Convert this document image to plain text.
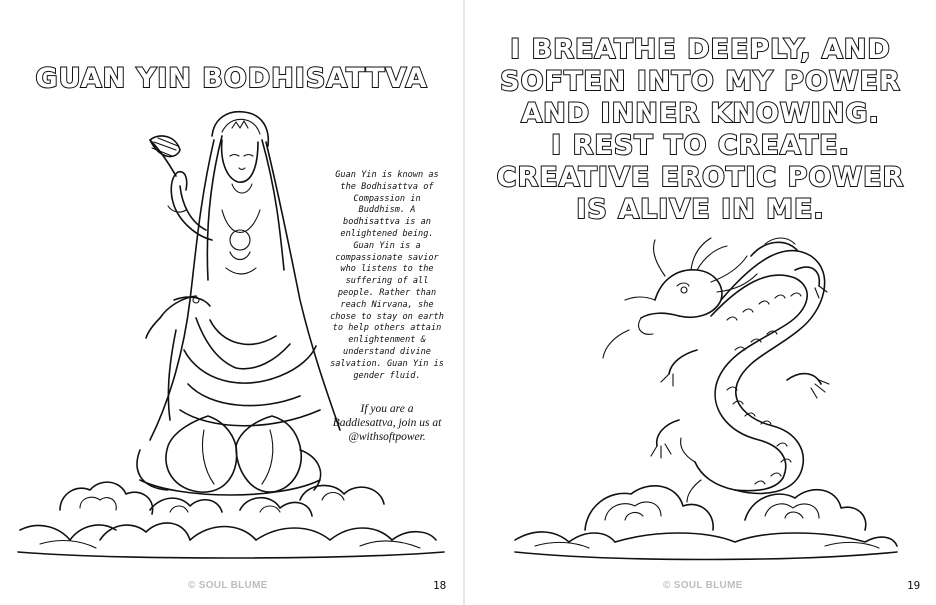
GUAN YIN BODHISATTVA

Guan Yin is known as the Bodhisattva of Compassion in Buddhism. A bodhisattva is an enlightened being. Guan Yin is a compassionate savior who listens to the suffering of all people. Rather than reach Nirvana, she chose to stay on earth to help others attain enlightenment & understand divine salvation. Guan Yin is gender fluid.

If you are a Baddiesattva, join us at @withsoftpower.

© SOUL BLUME	18
I BREATHE DEEPLY, AND
SOFTEN INTO MY POWER
AND INNER KNOWING.
I REST TO CREATE.
CREATIVE EROTIC POWER
IS ALIVE IN ME.
© SOUL BLUME	19
